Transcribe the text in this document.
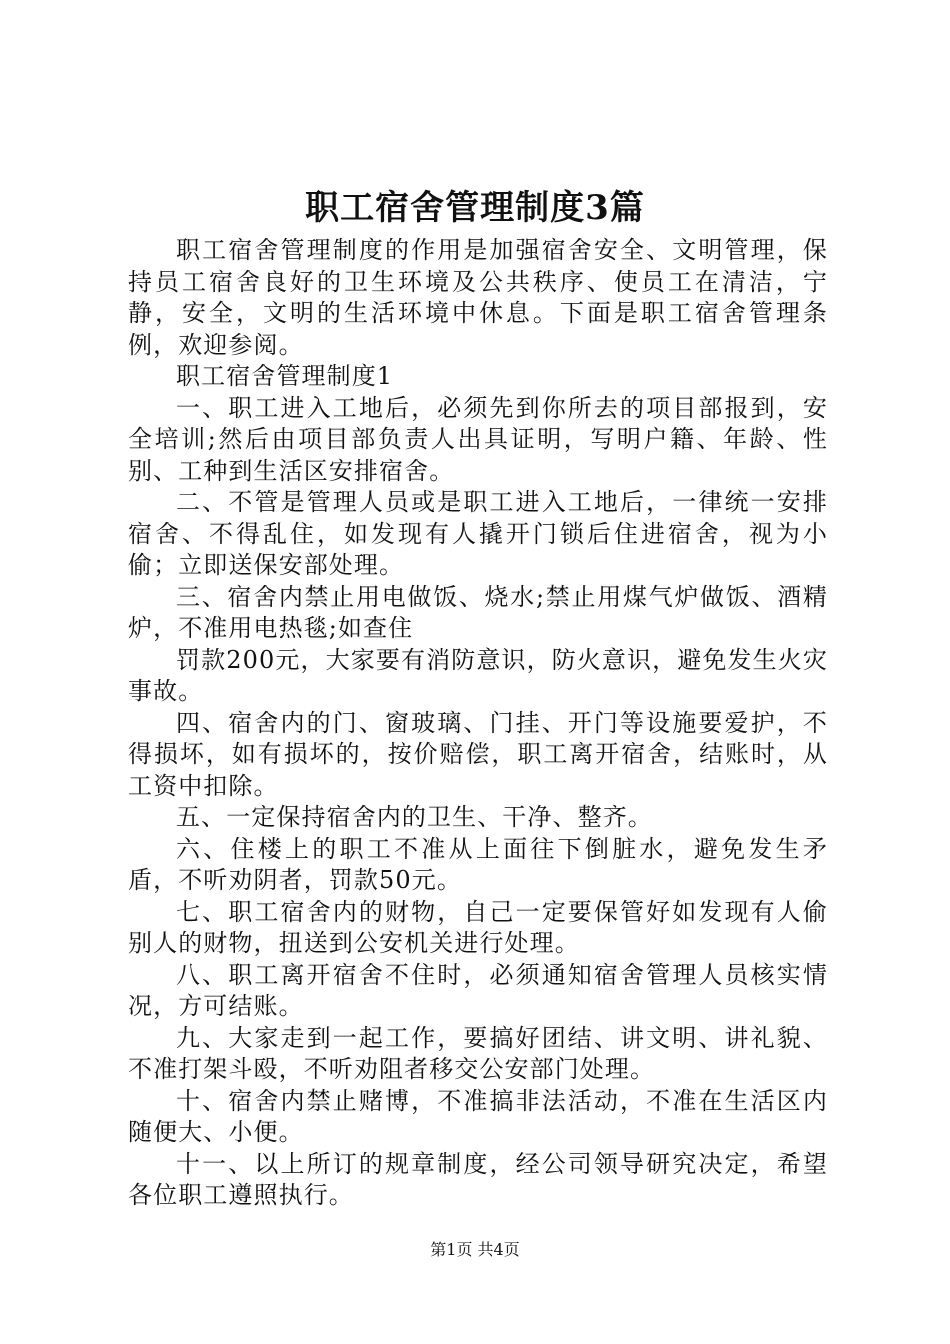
职工宿舍管理制度3篇

职工宿舍管理制度的作用是加强宿舍安全、文明管理，保持员工宿舍良好的卫生环境及公共秩序、使员工在清洁，宁静，安全，文明的生活环境中休息。下面是职工宿舍管理条例，欢迎参阅。

职工宿舍管理制度1

一、职工进入工地后，必须先到你所去的项目部报到，安全培训;然后由项目部负责人出具证明，写明户籍、年龄、性别、工种到生活区安排宿舍。

二、不管是管理人员或是职工进入工地后，一律统一安排宿舍、不得乱住，如发现有人撬开门锁后住进宿舍，视为小偷；立即送保安部处理。

三、宿舍内禁止用电做饭、烧水;禁止用煤气炉做饭、酒精炉，不准用电热毯;如查住

罚款200元，大家要有消防意识，防火意识，避免发生火灾事故。

四、宿舍内的门、窗玻璃、门挂、开门等设施要爱护，不得损坏，如有损坏的，按价赔偿，职工离开宿舍，结账时，从工资中扣除。

五、一定保持宿舍内的卫生、干净、整齐。

六、住楼上的职工不准从上面往下倒脏水，避免发生矛盾，不听劝阴者，罚款50元。

七、职工宿舍内的财物，自己一定要保管好如发现有人偷别人的财物，扭送到公安机关进行处理。

八、职工离开宿舍不住时，必须通知宿舍管理人员核实情况，方可结账。

九、大家走到一起工作，要搞好团结、讲文明、讲礼貌、不准打架斗殴，不听劝阻者移交公安部门处理。

十、宿舍内禁止赌博，不准搞非法活动，不准在生活区内随便大、小便。

十一、以上所订的规章制度，经公司领导研究决定，希望各位职工遵照执行。

第1页 共4页
